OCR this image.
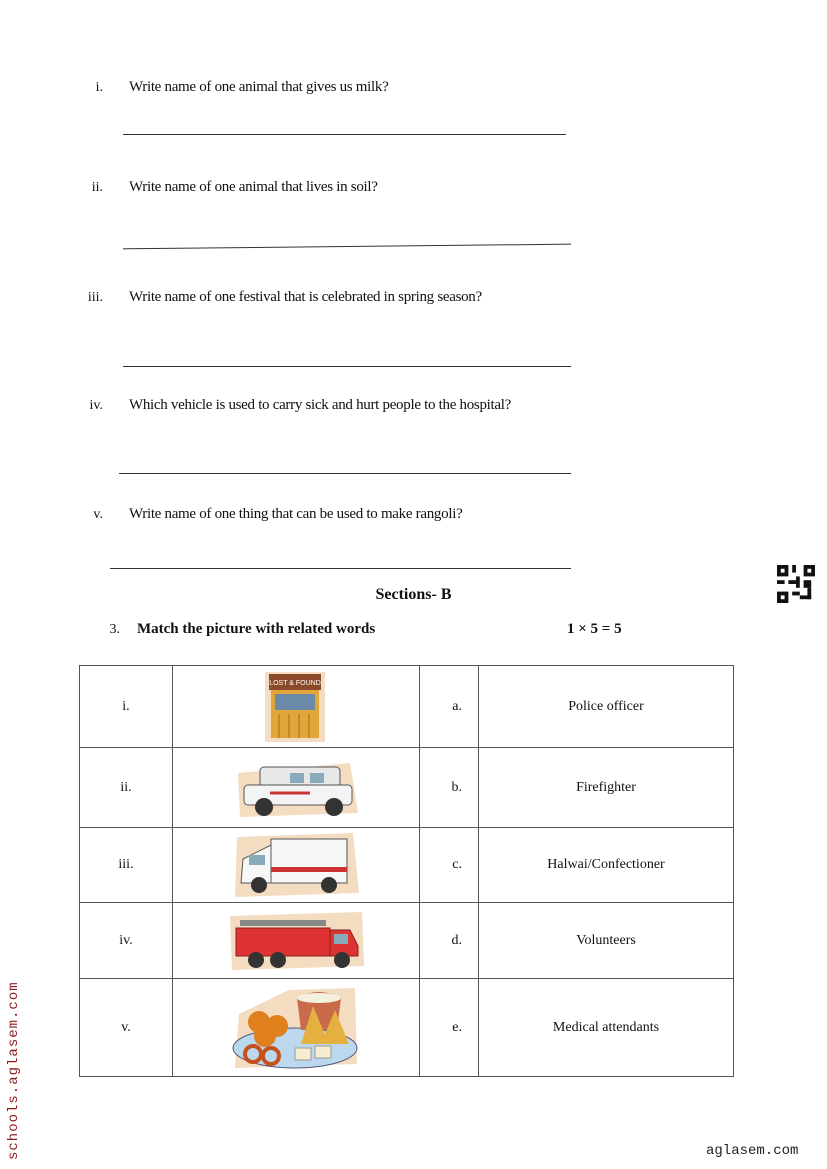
i. Write name of one animal that gives us milk?
ii. Write name of one animal that lives in soil?
iii. Write name of one festival that is celebrated in spring season?
iv. Which vehicle is used to carry sick and hurt people to the hospital?
v. Write name of one thing that can be used to make rangoli?
Sections- B
3. Match the picture with related words	1 × 5 = 5
i.	LOST & FOUND	a.	Police officer
ii.		b.	Firefighter
iii.		c.	Halwai/Confectioner
iv.		d.	Volunteers
v.		e.	Medical attendants
schools.aglasem.com	aglasem.com
